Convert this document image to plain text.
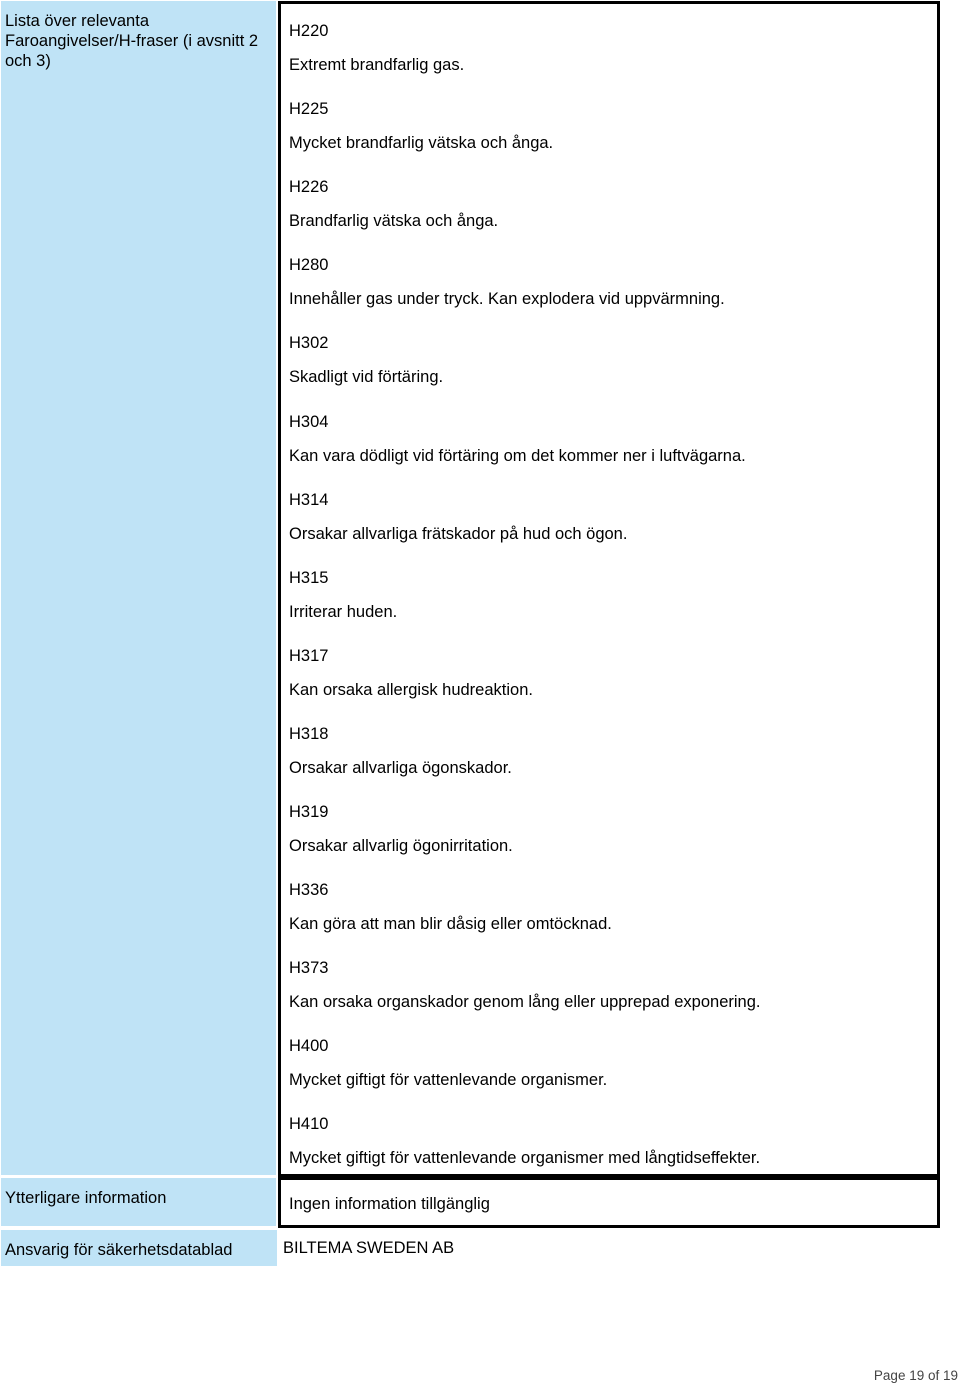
Lista över relevanta Faroangivelser/H-fraser (i avsnitt 2 och 3)
H220
Extremt brandfarlig gas.
H225
Mycket brandfarlig vätska och ånga.
H226
Brandfarlig vätska och ånga.
H280
Innehåller gas under tryck. Kan explodera vid uppvärmning.
H302
Skadligt vid förtäring.
H304
Kan vara dödligt vid förtäring om det kommer ner i luftvägarna.
H314
Orsakar allvarliga frätskador på hud och ögon.
H315
Irriterar huden.
H317
Kan orsaka allergisk hudreaktion.
H318
Orsakar allvarliga ögonskador.
H319
Orsakar allvarlig ögonirritation.
H336
Kan göra att man blir dåsig eller omtöcknad.
H373
Kan orsaka organskador genom lång eller upprepad exponering.
H400
Mycket giftigt för vattenlevande organismer.
H410
Mycket giftigt för vattenlevande organismer med långtidseffekter.
Ytterligare information	Ingen information tillgänglig
Ansvarig för säkerhetsdatablad	BILTEMA SWEDEN AB
Page 19 of 19
